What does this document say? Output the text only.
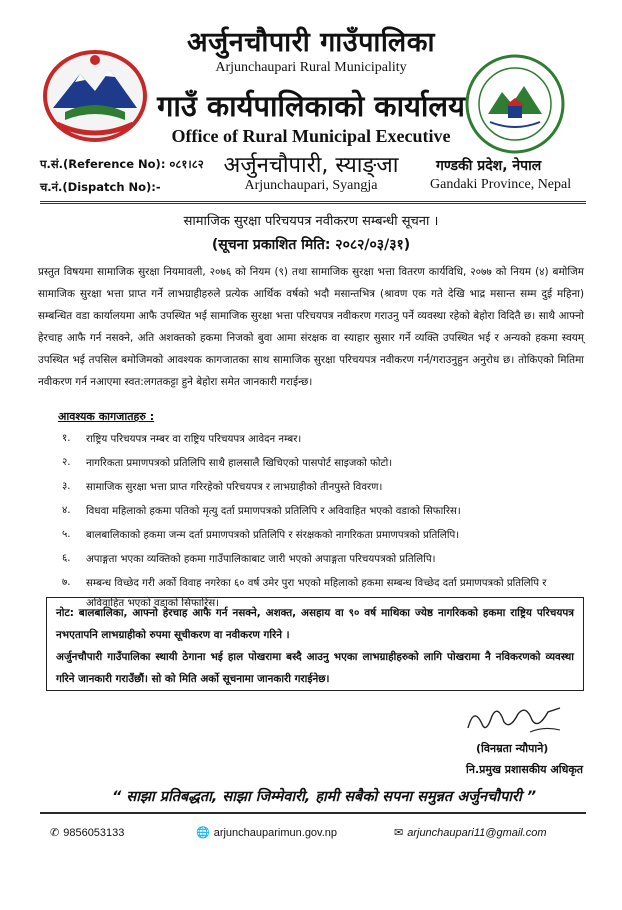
अर्जुनचौपारी गाउँपालिका
Arjunchaupari Rural Municipality
गाउँ कार्यपालिकाको कार्यालय
Office of Rural Municipal Executive
अर्जुनचौपारी, स्याङ्जा
Arjunchaupari, Syangja
प.सं.(Reference No): ०८१।८२
च.नं.(Dispatch No):-
गण्डकी प्रदेश, नेपाल
Gandaki Province, Nepal
सामाजिक सुरक्षा परिचयपत्र नवीकरण सम्बन्धी सूचना ।
(सूचना प्रकाशित मिति: २०८२/०३/३१)
प्रस्तुत विषयमा सामाजिक सुरक्षा नियमावली, २०७६ को नियम (९) तथा सामाजिक सुरक्षा भत्ता वितरण कार्यविधि, २०७७ को नियम (४) बमोजिम सामाजिक सुरक्षा भत्ता प्राप्त गर्ने लाभग्राहीहरुले प्रत्येक आर्थिक वर्षको भदौ मसान्तभित्र (श्रावण एक गते देखि भाद्र मसान्त सम्म दुई महिना) सम्बन्धित वडा कार्यालयमा आफै उपस्थित भई सामाजिक सुरक्षा भत्ता परिचयपत्र नवीकरण गराउनु पर्ने व्यवस्था रहेको बेहोरा विदितै छ। साथै आफ्नो हेरचाह आफै गर्न नसक्ने, अति अशक्तको हकमा निजको बुवा आमा संरक्षक वा स्याहार सुसार गर्ने व्यक्ति उपस्थित भई र अन्यको हकमा स्वयम् उपस्थित भई तपसिल बमोजिमको आवश्यक कागजातका साथ सामाजिक सुरक्षा परिचयपत्र नवीकरण गर्न/गराउनुहुन अनुरोध छ। तोकिएको मितिमा नवीकरण गर्न नआएमा स्वत:लगतकट्टा हुने बेहोरा समेत जानकारी गराईन्छ।
आवश्यक कागजातहरु :
१. राष्ट्रिय परिचयपत्र नम्बर वा राष्ट्रिय परिचयपत्र आवेदन नम्बर।
२. नागरिकता प्रमाणपत्रको प्रतिलिपि साथै हालसालै खिचिएको पासपोर्ट साइजको फोटो।
३. सामाजिक सुरक्षा भत्ता प्राप्त गरिरहेको परिचयपत्र र लाभग्राहीको तीनपुस्ते विवरण।
४. विधवा महिलाको हकमा पतिको मृत्यु दर्ता प्रमाणपत्रको प्रतिलिपि र अविवाहित भएको वडाको सिफारिस।
५. बालबालिकाको हकमा जन्म दर्ता प्रमाणपत्रको प्रतिलिपि र संरक्षकको नागरिकता प्रमाणपत्रको प्रतिलिपि।
६. अपाङ्गता भएका व्यक्तिको हकमा गाउँपालिकाबाट जारी भएको अपाङ्गता परिचयपत्रको प्रतिलिपि।
७. सम्बन्ध विच्छेद गरी अर्को विवाह नगरेका ६० वर्ष उमेर पुरा भएको महिलाको हकमा सम्बन्ध विच्छेद दर्ता प्रमाणपत्रको प्रतिलिपि र अविवाहित भएको वडाको सिफारिस।
नोट: बालबालिका, आफ्नो हेरचाह आफै गर्न नसक्ने, अशक्त, असहाय वा ९० वर्ष माथिका ज्येष्ठ नागरिकको हकमा राष्ट्रिय परिचयपत्र नभएतापनि लाभग्राहीको रुपमा सूचीकरण वा नवीकरण गरिने ।
अर्जुनचौपारी गाउँपालिका स्थायी ठेगाना भई हाल पोखरामा बस्दै आउनु भएका लाभग्राहीहरुको लागि पोखरामा नै नविकरणको व्यवस्था गरिने जानकारी गराउँछौं। सो को मिति अर्को सूचनामा जानकारी गराईनेछ।
(विनम्रता न्यौपाने)
नि.प्रमुख प्रशासकीय अधिकृत
“ साझा प्रतिबद्धता, साझा जिम्मेवारी, हामी सबैको सपना समुन्नत अर्जुनचौपारी ”
✆ 9856053133	🌐 arjunchauparimun.gov.np	✉ arjunchaupari11@gmail.com
